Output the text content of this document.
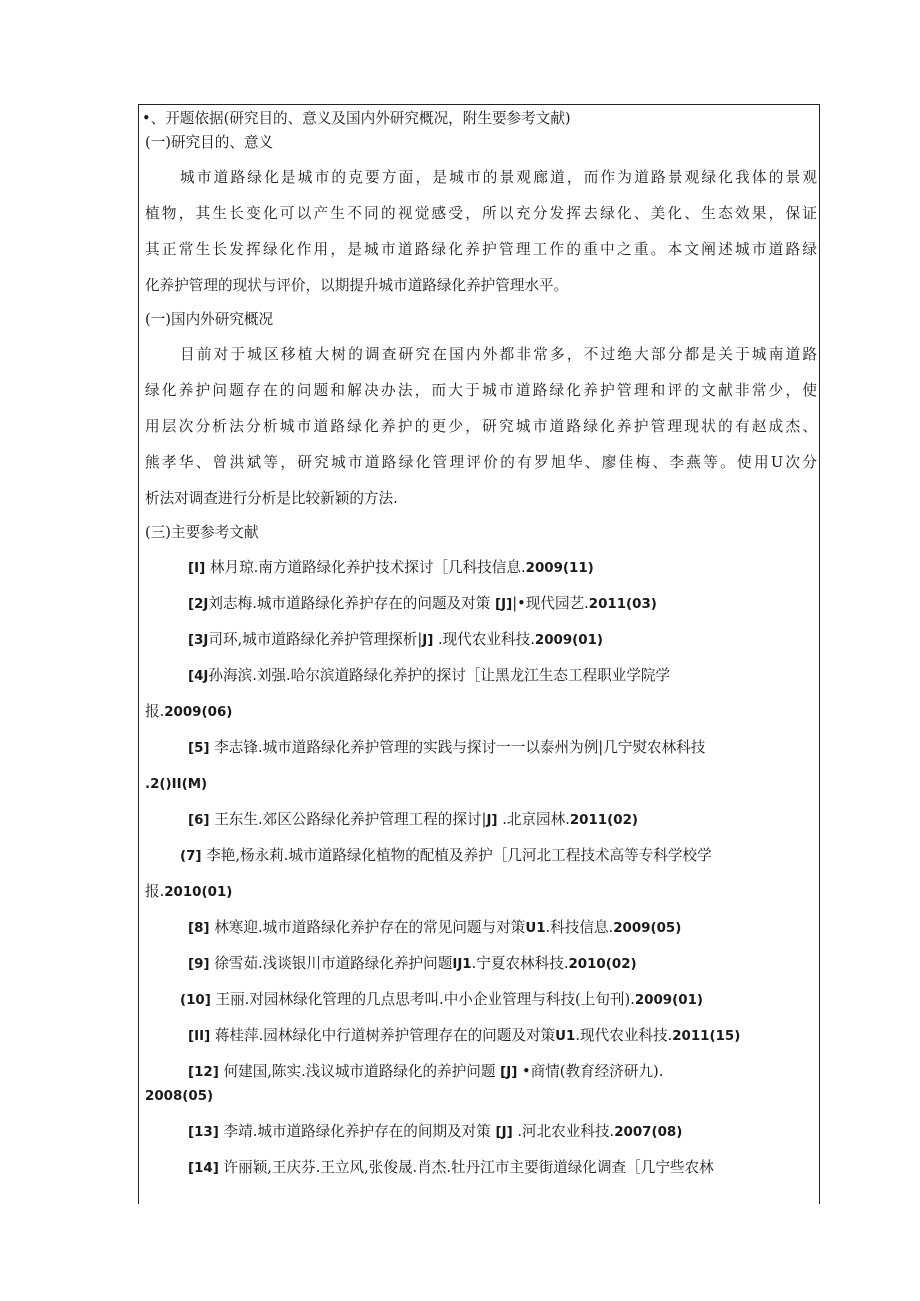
•、开题依据(研究目的、意义及国内外研究概况，附生要参考文献)
(一)研究目的、意义
城市道路绿化是城市的克要方面，是城市的景观廊道，而作为道路景观绿化我体的景观
植物，其生长变化可以产生不同的视觉感受，所以充分发挥去绿化、美化、生态效果，保证
其正常生长发挥绿化作用，是城市道路绿化养护管理工作的重中之重。本文阐述城市道路绿
化养护管理的现状与评价，以期提升城市道路绿化养护管理水平。
(一)国内外研究概况
目前对于城区移植大树的调查研究在国内外都非常多，不过绝大部分都是关于城南道路
绿化养护问题存在的问题和解决办法，而大于城市道路绿化养护管理和评的文献非常少，使
用层次分析法分析城市道路绿化养护的更少，研究城市道路绿化养护管理现状的有赵成杰、
熊孝华、曾洪斌等，研究城市道路绿化管理评价的有罗旭华、廖佳梅、李燕等。使用U次分
析法对调查进行分析是比较新颖的方法.
(三)主要参考文献
[I] 林月琼.南方道路绿化养护技术探讨［几科技信息.2009(11)
[2J刘志梅.城市道路绿化养护存在的问题及对策 [J]|•现代园艺.2011(03)
[3J司环,城市道路绿化养护管理探析|J] .现代农业科技.2009(01)
[4J孙海滨.刘强.哈尔滨道路绿化养护的探讨［让黑龙江生态工程职业学院学
报.2009(06)
[5] 李志锋.城市道路绿化养护管理的实践与探讨一一以泰州为例|几宁熨农林科技
.2()II(M)
[6] 王东生.郊区公路绿化养护管理工程的探讨|J] .北京园林.2011(02)
(7] 李艳,杨永莉.城市道路绿化植物的配植及养护［几河北工程技术高等专科学校学
报.2010(01)
[8] 林寒迎.城市道路绿化养护存在的常见问题与对策U1.科技信息.2009(05)
[9] 徐雪茹.浅谈银川市道路绿化养护问题IJ1.宁夏农林科技.2010(02)
(10] 王丽.对园林绿化管理的几点思考叫.中小企业管理与科技(上旬刊).2009(01)
[II] 蒋桂萍.园林绿化中行道树养护管理存在的问题及对策U1.现代农业科技.2011(15)
[12] 何建国,陈实.浅议城市道路绿化的养护问题 [J] •商情(教育经济研九).
2008(05)
[13] 李靖.城市道路绿化养护存在的间期及对策 [J] .河北农业科技.2007(08)
[14] 许丽颖,王庆芬.王立风,张俊晟.肖杰.牡丹江市主要街道绿化调查［几宁些农林
